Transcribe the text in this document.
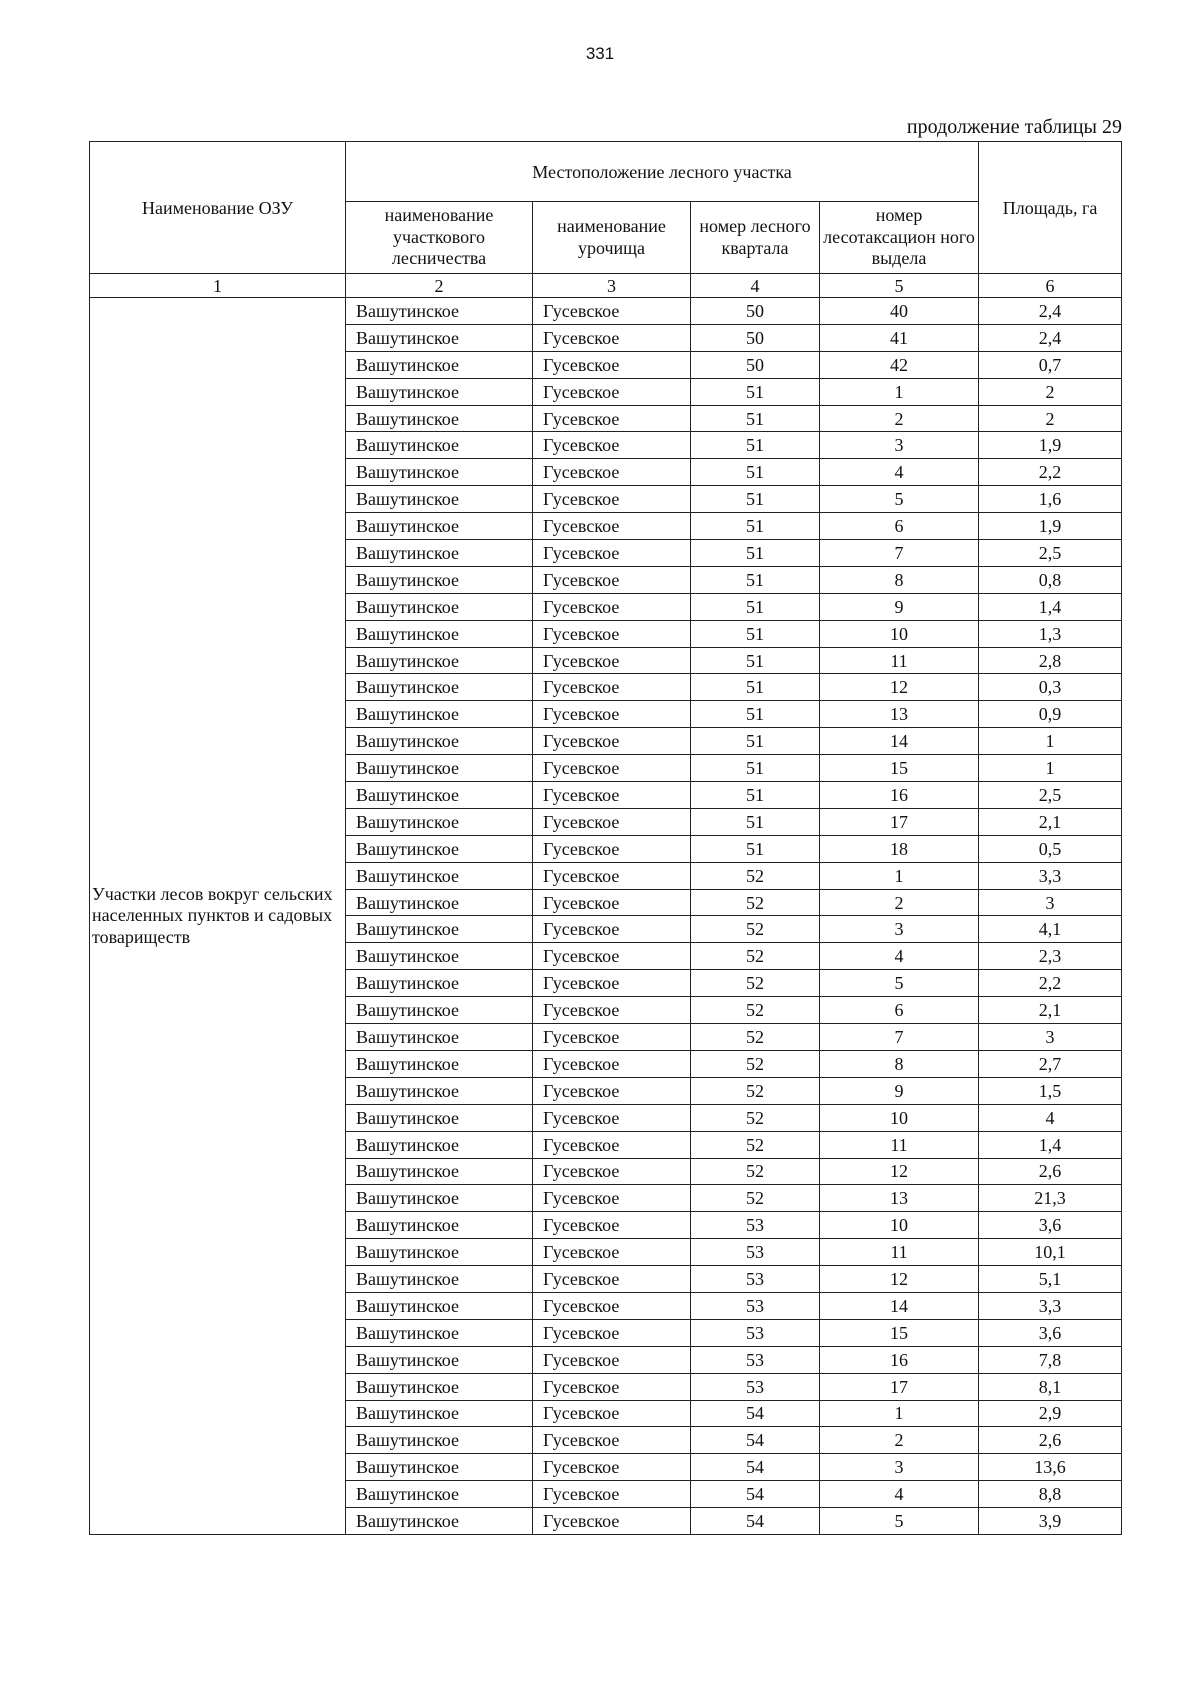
331
продолжение таблицы 29
Наименование ОЗУ	Местоположение лесного участка				Площадь, га
	наименование участкового лесничества	наименование урочища	номер лесного квартала	номер лесотаксацион ного выдела	
1	2	3	4	5	6
Участки лесов вокруг сельских населенных пунктов и садовых товариществ	Вашутинское	Гусевское	50	40	2,4
	Вашутинское	Гусевское	50	41	2,4
	Вашутинское	Гусевское	50	42	0,7
	Вашутинское	Гусевское	51	1	2
	Вашутинское	Гусевское	51	2	2
	Вашутинское	Гусевское	51	3	1,9
	Вашутинское	Гусевское	51	4	2,2
	Вашутинское	Гусевское	51	5	1,6
	Вашутинское	Гусевское	51	6	1,9
	Вашутинское	Гусевское	51	7	2,5
	Вашутинское	Гусевское	51	8	0,8
	Вашутинское	Гусевское	51	9	1,4
	Вашутинское	Гусевское	51	10	1,3
	Вашутинское	Гусевское	51	11	2,8
	Вашутинское	Гусевское	51	12	0,3
	Вашутинское	Гусевское	51	13	0,9
	Вашутинское	Гусевское	51	14	1
	Вашутинское	Гусевское	51	15	1
	Вашутинское	Гусевское	51	16	2,5
	Вашутинское	Гусевское	51	17	2,1
	Вашутинское	Гусевское	51	18	0,5
	Вашутинское	Гусевское	52	1	3,3
	Вашутинское	Гусевское	52	2	3
	Вашутинское	Гусевское	52	3	4,1
	Вашутинское	Гусевское	52	4	2,3
	Вашутинское	Гусевское	52	5	2,2
	Вашутинское	Гусевское	52	6	2,1
	Вашутинское	Гусевское	52	7	3
	Вашутинское	Гусевское	52	8	2,7
	Вашутинское	Гусевское	52	9	1,5
	Вашутинское	Гусевское	52	10	4
	Вашутинское	Гусевское	52	11	1,4
	Вашутинское	Гусевское	52	12	2,6
	Вашутинское	Гусевское	52	13	21,3
	Вашутинское	Гусевское	53	10	3,6
	Вашутинское	Гусевское	53	11	10,1
	Вашутинское	Гусевское	53	12	5,1
	Вашутинское	Гусевское	53	14	3,3
	Вашутинское	Гусевское	53	15	3,6
	Вашутинское	Гусевское	53	16	7,8
	Вашутинское	Гусевское	53	17	8,1
	Вашутинское	Гусевское	54	1	2,9
	Вашутинское	Гусевское	54	2	2,6
	Вашутинское	Гусевское	54	3	13,6
	Вашутинское	Гусевское	54	4	8,8
	Вашутинское	Гусевское	54	5	3,9
